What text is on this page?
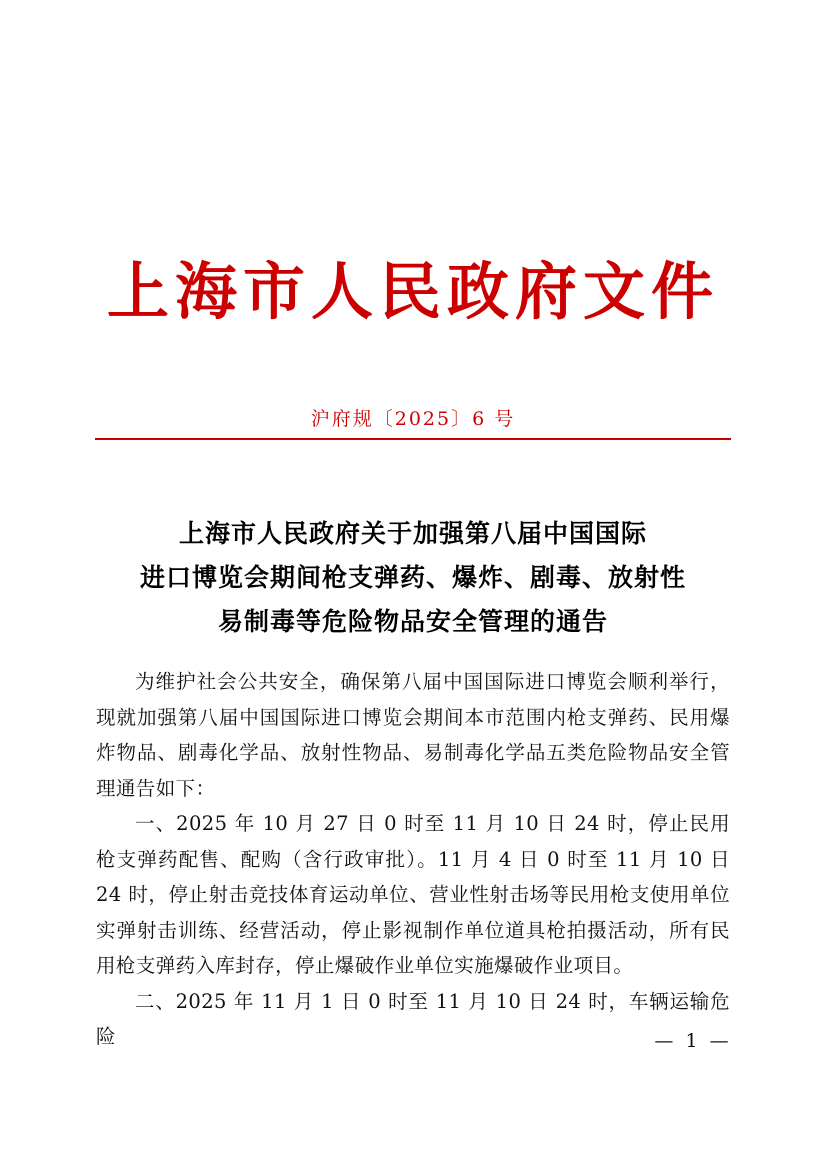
上海市人民政府文件
沪府规〔2025〕6 号
上海市人民政府关于加强第八届中国国际
进口博览会期间枪支弹药、爆炸、剧毒、放射性
易制毒等危险物品安全管理的通告

为维护社会公共安全，确保第八届中国国际进口博览会顺利举行，现就加强第八届中国国际进口博览会期间本市范围内枪支弹药、民用爆炸物品、剧毒化学品、放射性物品、易制毒化学品五类危险物品安全管理通告如下：

一、2025 年 10 月 27 日 0 时至 11 月 10 日 24 时，停止民用枪支弹药配售、配购（含行政审批）。11 月 4 日 0 时至 11 月 10 日 24 时，停止射击竞技体育运动单位、营业性射击场等民用枪支使用单位实弹射击训练、经营活动，停止影视制作单位道具枪拍摄活动，所有民用枪支弹药入库封存，停止爆破作业单位实施爆破作业项目。

二、2025 年 11 月 1 日 0 时至 11 月 10 日 24 时，车辆运输危险	— 1 —
